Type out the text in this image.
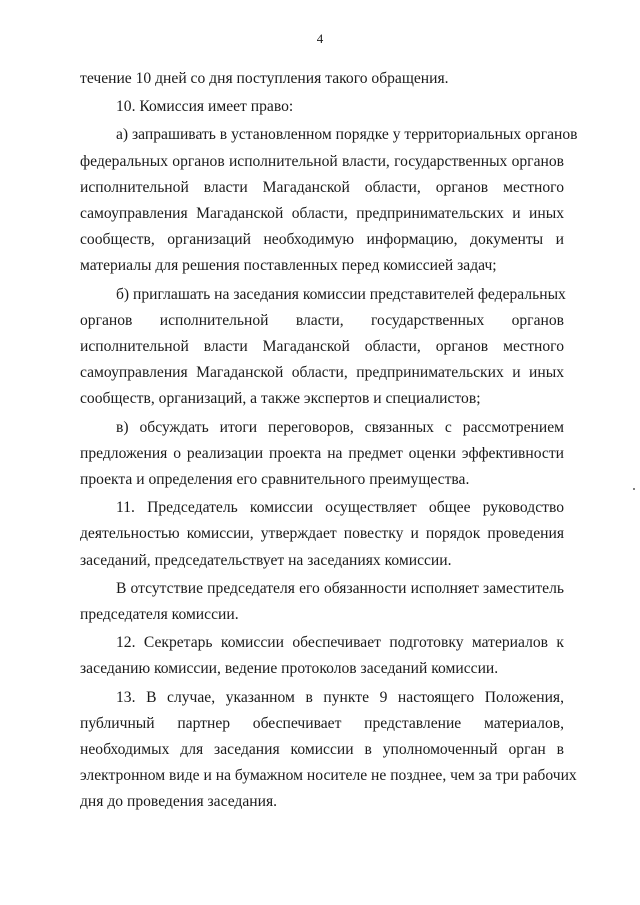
4
течение 10 дней со дня поступления такого обращения.
10. Комиссия имеет право:
а) запрашивать в установленном порядке у территориальных органов
федеральных органов исполнительной власти, государственных органов
исполнительной власти Магаданской области, органов местного
самоуправления Магаданской области, предпринимательских и иных
сообществ, организаций необходимую информацию, документы и
материалы для решения поставленных перед комиссией задач;
б) приглашать на заседания комиссии представителей федеральных
органов исполнительной власти, государственных органов
исполнительной власти Магаданской области, органов местного
самоуправления Магаданской области, предпринимательских и иных
сообществ, организаций, а также экспертов и специалистов;
в) обсуждать итоги переговоров, связанных с рассмотрением
предложения о реализации проекта на предмет оценки эффективности
проекта и определения его сравнительного преимущества.
11. Председатель комиссии осуществляет общее руководство
деятельностью комиссии, утверждает повестку и порядок проведения
заседаний, председательствует на заседаниях комиссии.
В отсутствие председателя его обязанности исполняет заместитель
председателя комиссии.
12. Секретарь комиссии обеспечивает подготовку материалов к
заседанию комиссии, ведение протоколов заседаний комиссии.
13. В случае, указанном в пункте 9 настоящего Положения,
публичный партнер обеспечивает представление материалов,
необходимых для заседания комиссии в уполномоченный орган в
электронном виде и на бумажном носителе не позднее, чем за три рабочих
дня до проведения заседания.
